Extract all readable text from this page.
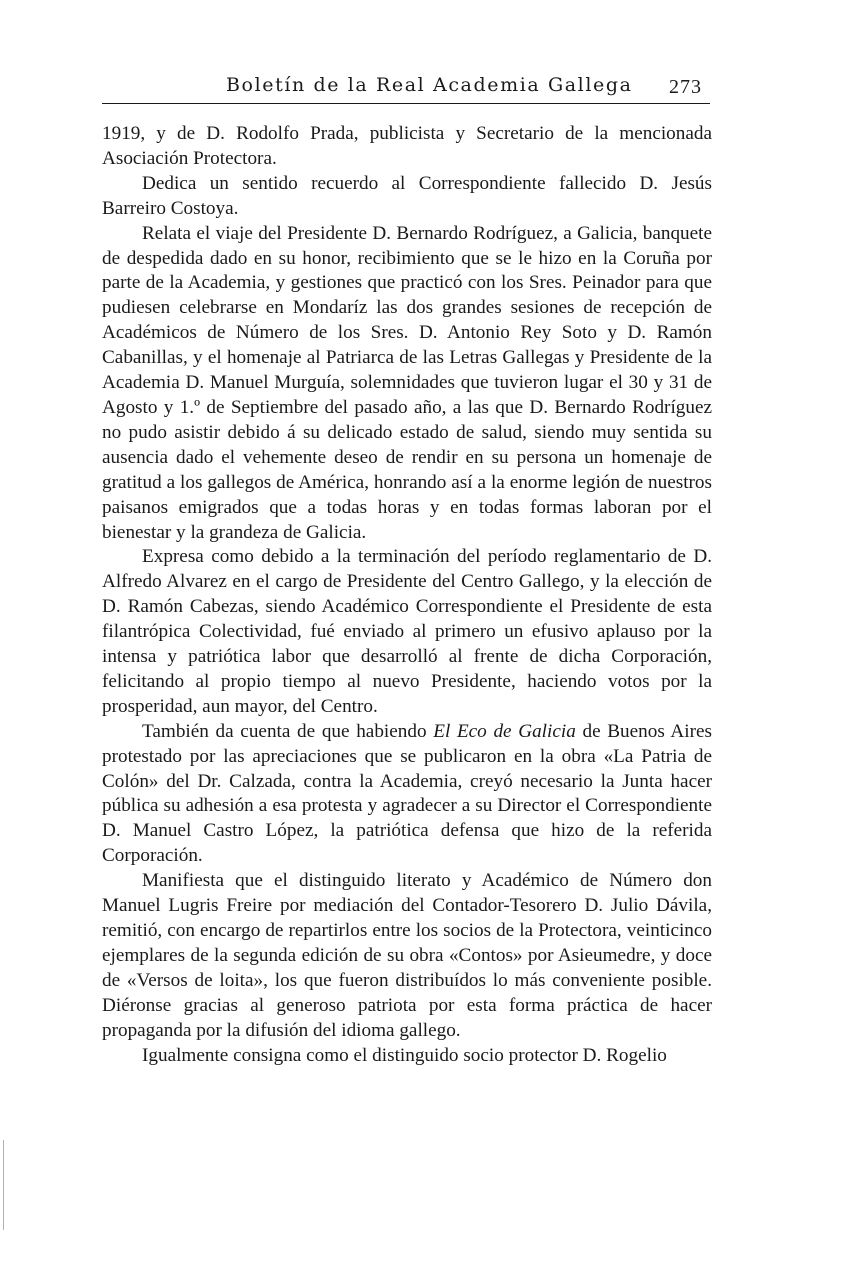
Boletín de la Real Academia Gallega 273

1919, y de D. Rodolfo Prada, publicista y Secretario de la mencionada Asociación Protectora.

Dedica un sentido recuerdo al Correspondiente fallecido D. Jesús Barreiro Costoya.

Relata el viaje del Presidente D. Bernardo Rodríguez, a Galicia, banquete de despedida dado en su honor, recibimiento que se le hizo en la Coruña por parte de la Academia, y gestiones que practicó con los Sres. Peinador para que pudiesen celebrarse en Mondaríz las dos grandes sesiones de recepción de Académicos de Número de los Sres. D. Antonio Rey Soto y D. Ramón Cabanillas, y el homenaje al Patriarca de las Letras Gallegas y Presidente de la Academia D. Manuel Murguía, solemnidades que tuvieron lugar el 30 y 31 de Agosto y 1.º de Septiembre del pasado año, a las que D. Bernardo Rodríguez no pudo asistir debido á su delicado estado de salud, siendo muy sentida su ausencia dado el vehemente deseo de rendir en su persona un homenaje de gratitud a los gallegos de América, honrando así a la enorme legión de nuestros paisanos emigrados que a todas horas y en todas formas laboran por el bienestar y la grandeza de Galicia.

Expresa como debido a la terminación del período reglamentario de D. Alfredo Alvarez en el cargo de Presidente del Centro Gallego, y la elección de D. Ramón Cabezas, siendo Académico Correspondiente el Presidente de esta filantrópica Colectividad, fué enviado al primero un efusivo aplauso por la intensa y patriótica labor que desarrolló al frente de dicha Corporación, felicitando al propio tiempo al nuevo Presidente, haciendo votos por la prosperidad, aun mayor, del Centro.

También da cuenta de que habiendo El Eco de Galicia de Buenos Aires protestado por las apreciaciones que se publicaron en la obra «La Patria de Colón» del Dr. Calzada, contra la Academia, creyó necesario la Junta hacer pública su adhesión a esa protesta y agradecer a su Director el Correspondiente D. Manuel Castro López, la patriótica defensa que hizo de la referida Corporación.

Manifiesta que el distinguido literato y Académico de Número don Manuel Lugris Freire por mediación del Contador-Tesorero D. Julio Dávila, remitió, con encargo de repartirlos entre los socios de la Protectora, veinticinco ejemplares de la segunda edición de su obra «Contos» por Asieumedre, y doce de «Versos de loita», los que fueron distribuídos lo más conveniente posible. Diéronse gracias al generoso patriota por esta forma práctica de hacer propaganda por la difusión del idioma gallego.

Igualmente consigna como el distinguido socio protector D. Rogelio
